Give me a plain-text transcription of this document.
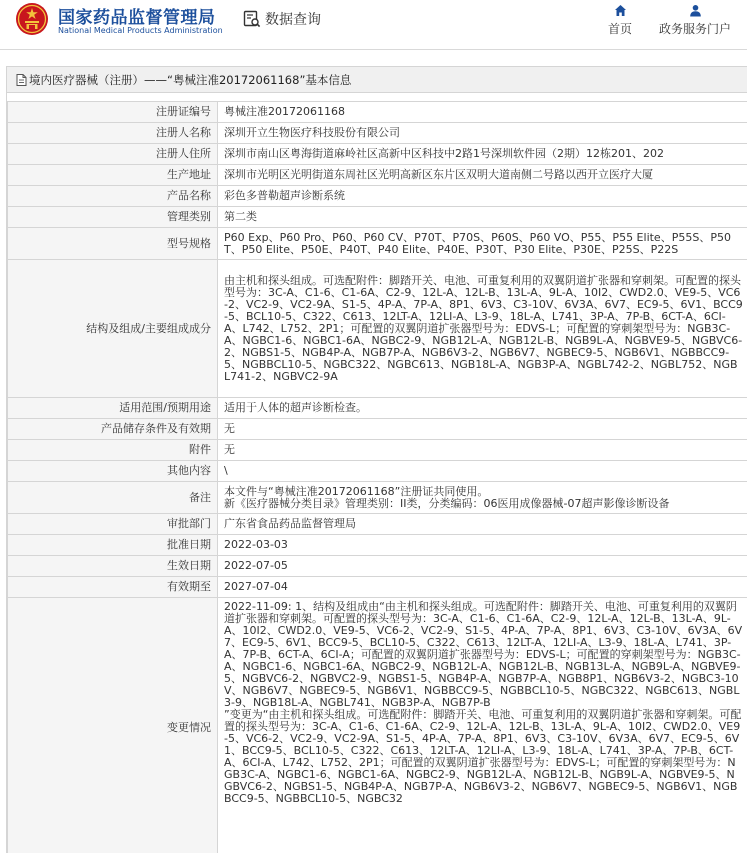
国家药品监督管理局
National Medical Products Administration
数据查询
首页 政务服务门户
境内医疗器械（注册）——“粤械注准20172061168”基本信息
注册证编号	粤械注准20172061168
注册人名称	深圳开立生物医疗科技股份有限公司
注册人住所	深圳市南山区粤海街道麻岭社区高新中区科技中2路1号深圳软件园（2期）12栋201、202
生产地址	深圳市光明区光明街道东周社区光明高新区东片区双明大道南侧二号路以西开立医疗大厦
产品名称	彩色多普勒超声诊断系统
管理类别	第二类
型号规格	P60 Exp、P60 Pro、P60、P60 CV、P70T、P70S、P60S、P60 VO、P55、P55 Elite、P55S、P50T、P50 Elite、P50E、P40T、P40 Elite、P40E、P30T、P30 Elite、P30E、P25S、P22S
结构及组成/主要组成成分	由主机和探头组成。可选配附件：脚踏开关、电池、可重复利用的双翼阴道扩张器和穿刺架。可配置的探头型号为：3C-A、C1-6、C1-6A、C2-9、12L-A、12L-B、13L-A、9L-A、10I2、CWD2.0、VE9-5、VC6-2、VC2-9、VC2-9A、S1-5、4P-A、7P-A、8P1、6V3、C3-10V、6V3A、6V7、EC9-5、6V1、BCC9-5、BCL10-5、C322、C613、12LT-A、12LI-A、L3-9、18L-A、L741、3P-A、7P-B、6CT-A、6CI-A、L742、L752、2P1；可配置的双翼阴道扩张器型号为：EDVS-L；可配置的穿刺架型号为：NGB3C-A、NGBC1-6、NGBC1-6A、NGBC2-9、NGB12L-A、NGB12L-B、NGB9L-A、NGBVE9-5、NGBVC6-2、NGBS1-5、NGB4P-A、NGB7P-A、NGB6V3-2、NGB6V7、NGBEC9-5、NGB6V1、NGBBCC9-5、NGBBCL10-5、NGBC322、NGBC613、NGB18L-A、NGB3P-A、NGBL742-2、NGBL752、NGBL741-2、NGBVC2-9A
适用范围/预期用途	适用于人体的超声诊断检查。
产品储存条件及有效期	无
附件	无
其他内容	\
备注	本文件与“粤械注准20172061168”注册证共同使用。
新《医疗器械分类目录》管理类别：II类，分类编码：06医用成像器械-07超声影像诊断设备
审批部门	广东省食品药品监督管理局
批准日期	2022-03-03
生效日期	2022-07-05
有效期至	2027-07-04
变更情况	2022-11-09: 1、结构及组成由“由主机和探头组成。可选配附件：脚踏开关、电池、可重复利用的双翼阴道扩张器和穿刺架。可配置的探头型号为：3C-A、C1-6、C1-6A、C2-9、12L-A、12L-B、13L-A、9L-A、10I2、CWD2.0、VE9-5、VC6-2、VC2-9、S1-5、4P-A、7P-A、8P1、6V3、C3-10V、6V3A、6V7、EC9-5、6V1、BCC9-5、BCL10-5、C322、C613、12LT-A、12LI-A、L3-9、18L-A、L741、3P-A、7P-B、6CT-A、6CI-A；可配置的双翼阴道扩张器型号为：EDVS-L；可配置的穿刺架型号为：NGB3C-A、NGBC1-6、NGBC1-6A、NGBC2-9、NGB12L-A、NGB12L-B、NGB13L-A、NGB9L-A、NGBVE9-5、NGBVC6-2、NGBVC2-9、NGBS1-5、NGB4P-A、NGB7P-A、NGB8P1、NGB6V3-2、NGBC3-10V、NGB6V7、NGBEC9-5、NGB6V1、NGBBCC9-5、NGBBCL10-5、NGBC322、NGBC613、NGBL3-9、NGB18L-A、NGBL741、NGB3P-A、NGB7P-B
”变更为“由主机和探头组成。可选配附件：脚踏开关、电池、可重复利用的双翼阴道扩张器和穿刺架。可配置的探头型号为：3C-A、C1-6、C1-6A、C2-9、12L-A、12L-B、13L-A、9L-A、10I2、CWD2.0、VE9-5、VC6-2、VC2-9、VC2-9A、S1-5、4P-A、7P-A、8P1、6V3、C3-10V、6V3A、6V7、EC9-5、6V1、BCC9-5、BCL10-5、C322、C613、12LT-A、12LI-A、L3-9、18L-A、L741、3P-A、7P-B、6CT-A、6CI-A、L742、L752、2P1；可配置的双翼阴道扩张器型号为：EDVS-L；可配置的穿刺架型号为：NGB3C-A、NGBC1-6、NGBC1-6A、NGBC2-9、NGB12L-A、NGB12L-B、NGB9L-A、NGBVE9-5、NGBVC6-2、NGBS1-5、NGB4P-A、NGB7P-A、NGB6V3-2、NGB6V7、NGBEC9-5、NGB6V1、NGBBCC9-5、NGBBCL10-5、NGBC32
